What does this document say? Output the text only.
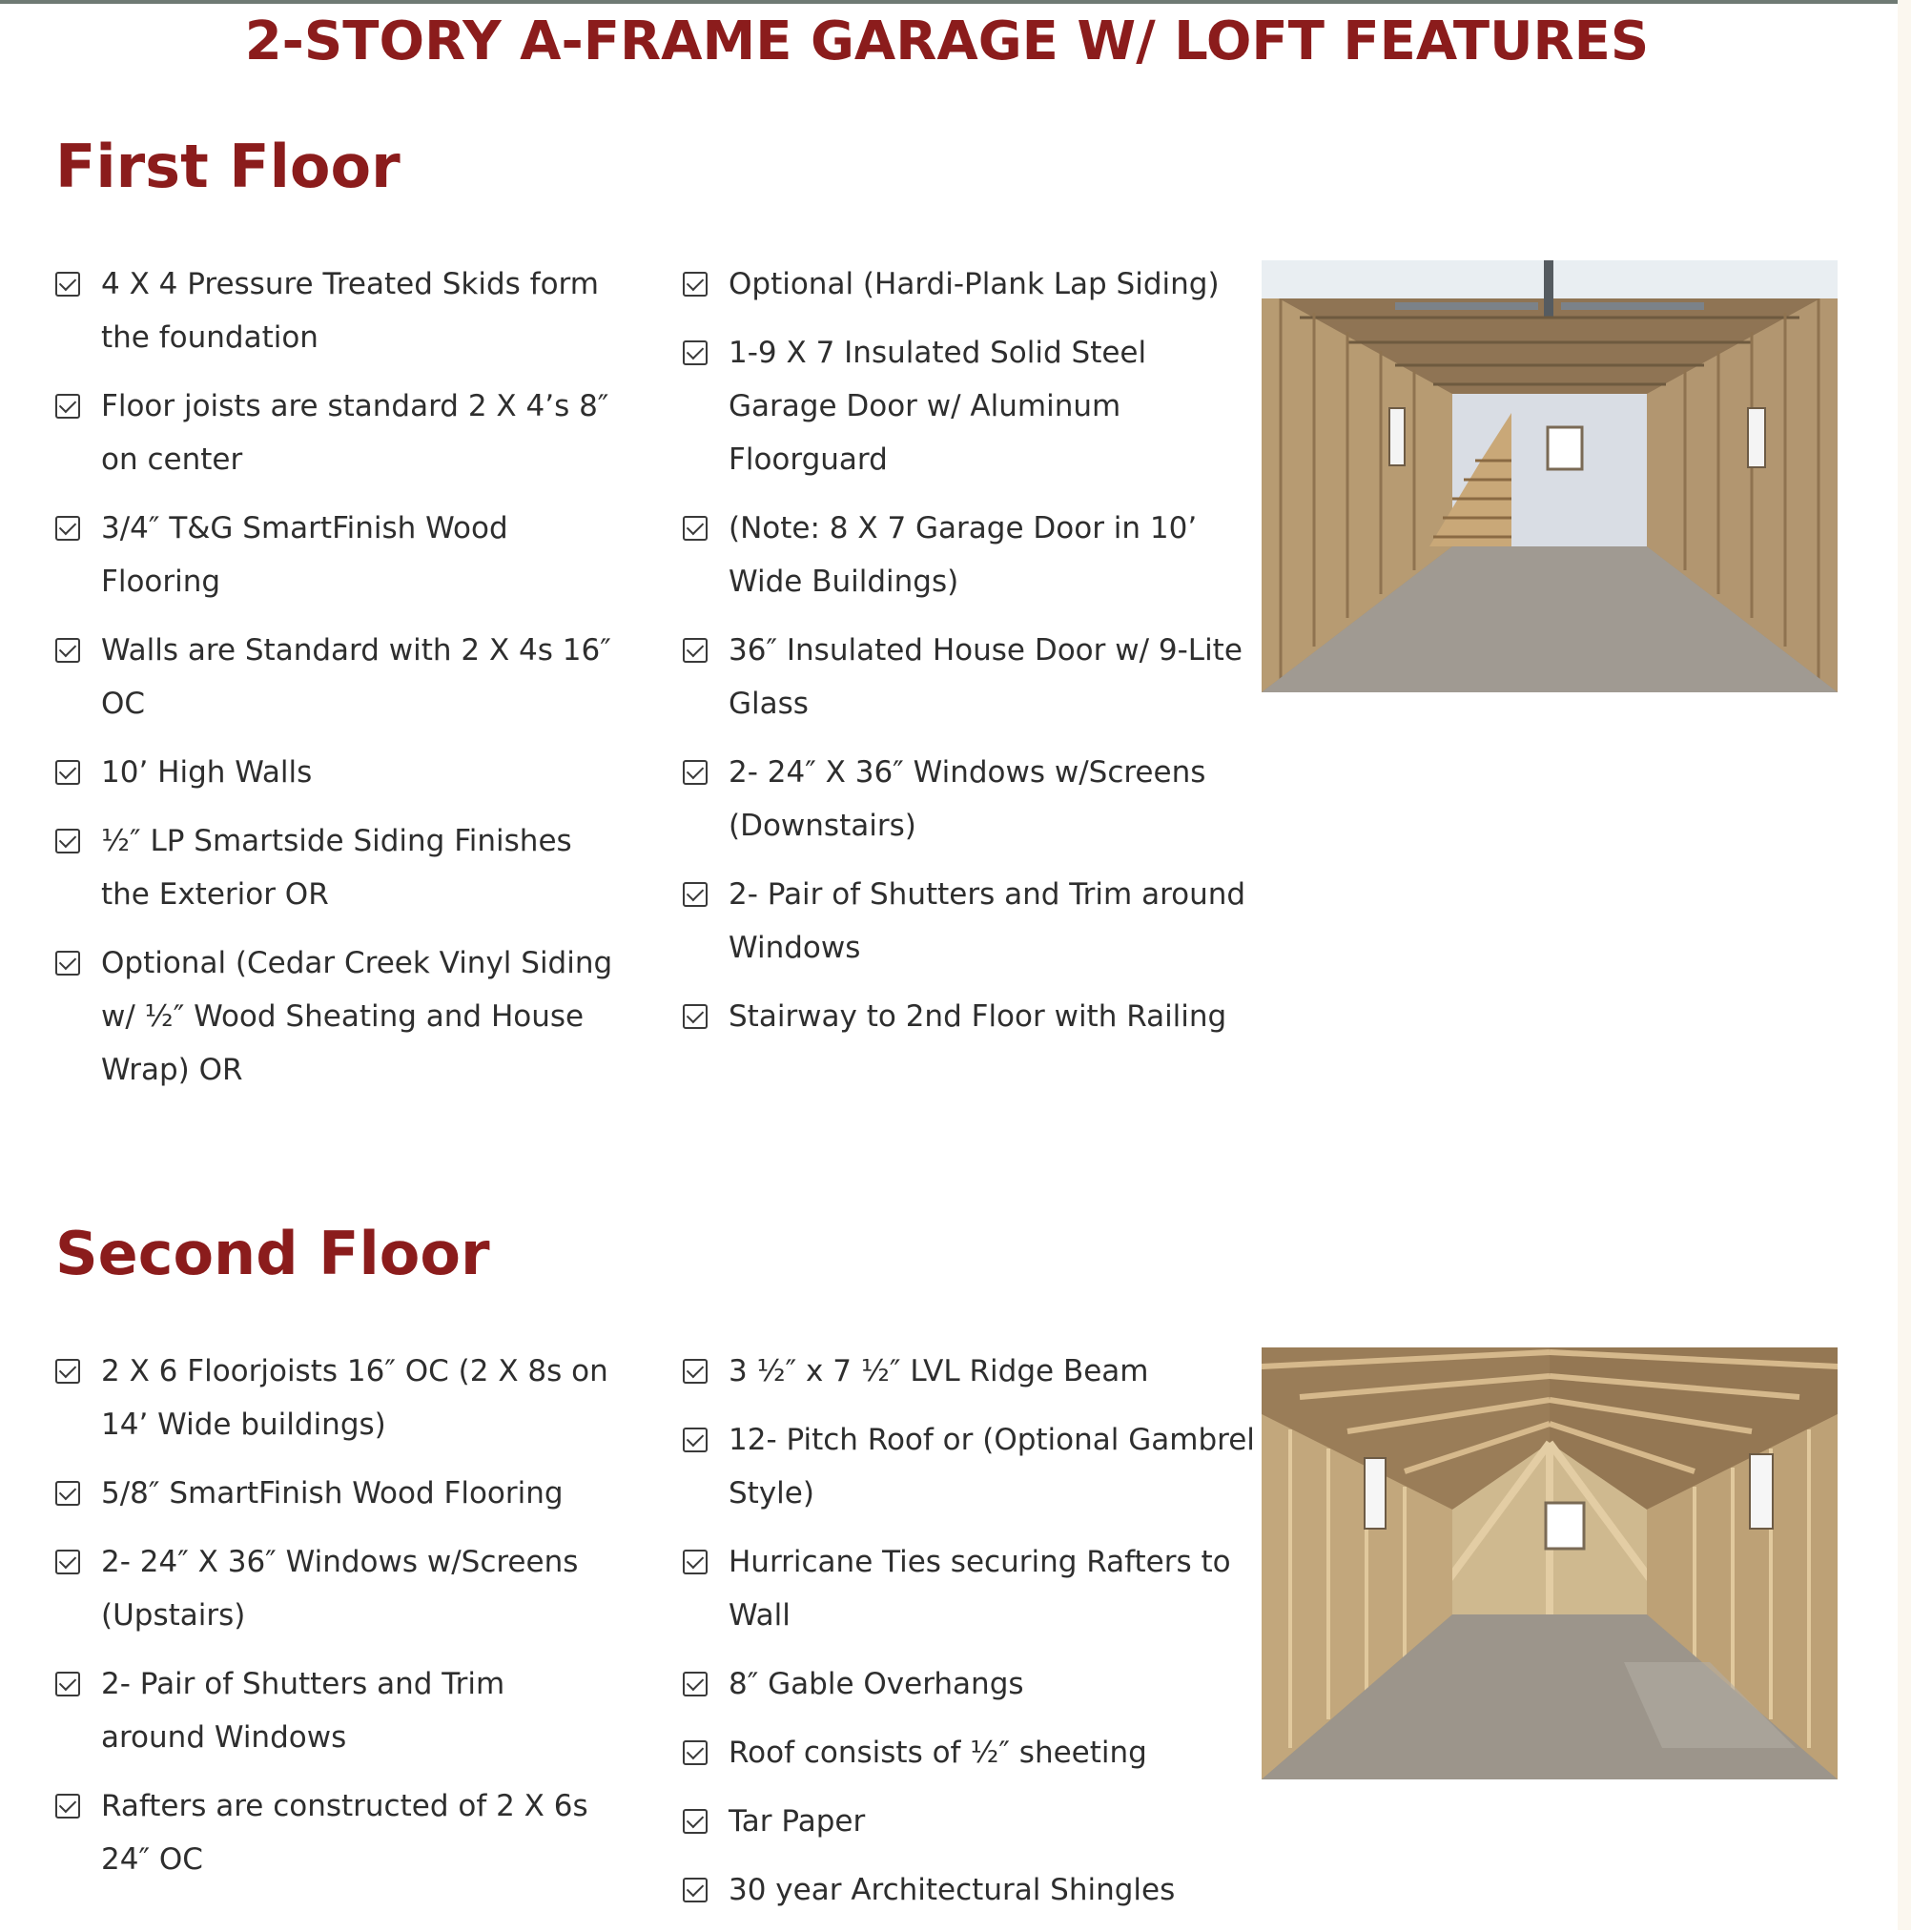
2-STORY A-FRAME GARAGE W/ LOFT FEATURES
First Floor
4 X 4 Pressure Treated Skids form the foundation
Floor joists are standard 2 X 4’s 8″ on center
3/4″ T&G SmartFinish Wood Flooring
Walls are Standard with 2 X 4s 16″ OC
10’ High Walls
½″ LP Smartside Siding Finishes the Exterior OR
Optional (Cedar Creek Vinyl Siding w/ ½″ Wood Sheating and House Wrap) OR
Optional (Hardi-Plank Lap Siding)
1-9 X 7 Insulated Solid Steel Garage Door w/ Aluminum Floorguard
(Note: 8 X 7 Garage Door in 10’ Wide Buildings)
36″ Insulated House Door w/ 9-Lite Glass
2- 24″ X 36″ Windows w/Screens (Downstairs)
2- Pair of Shutters and Trim around Windows
Stairway to 2nd Floor with Railing
Second Floor
2 X 6 Floorjoists 16″ OC (2 X 8s on 14’ Wide buildings)
5/8″ SmartFinish Wood Flooring
2- 24″ X 36″ Windows w/Screens (Upstairs)
2- Pair of Shutters and Trim around Windows
Rafters are constructed of 2 X 6s 24″ OC
3 ½″ x 7 ½″ LVL Ridge Beam
12- Pitch Roof or (Optional Gambrel Style)
Hurricane Ties securing Rafters to Wall
8″ Gable Overhangs
Roof consists of ½″ sheeting
Tar Paper
30 year Architectural Shingles
